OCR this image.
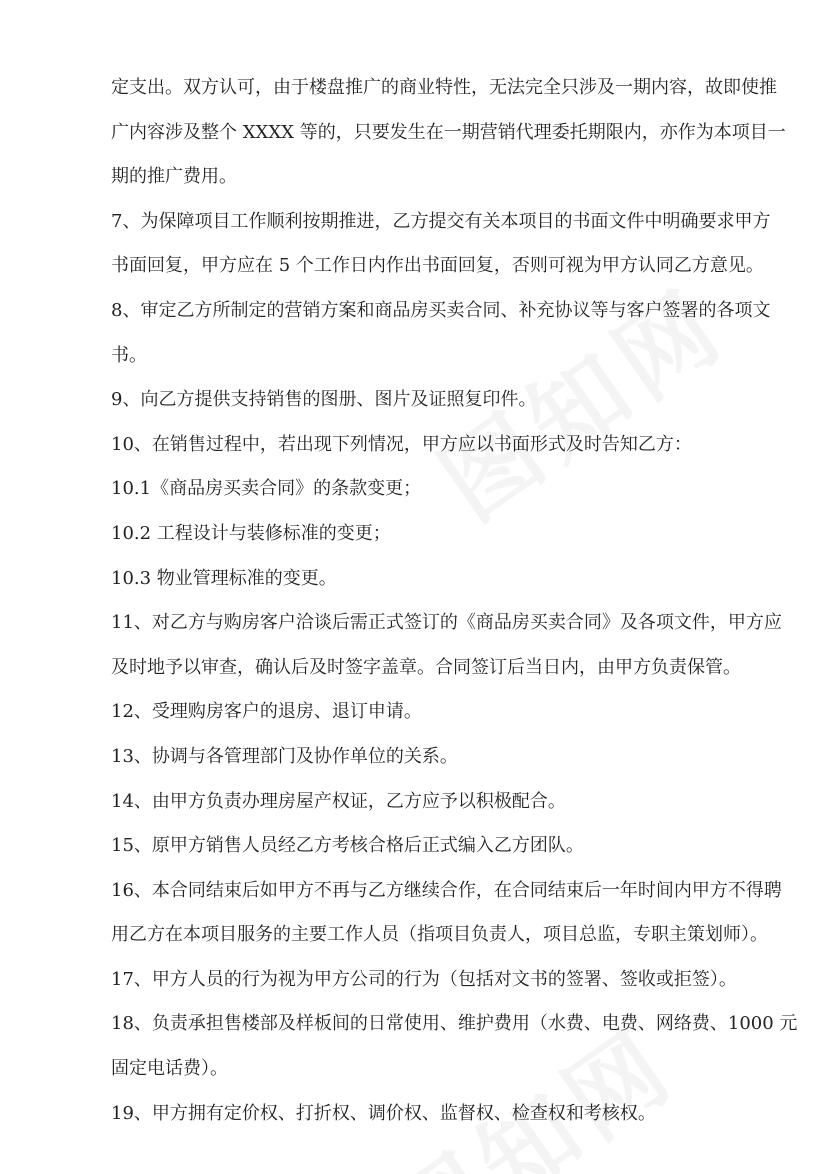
定支出。双方认可，由于楼盘推广的商业特性，无法完全只涉及一期内容，故即使推
广内容涉及整个 XXXX 等的，只要发生在一期营销代理委托期限内，亦作为本项目一
期的推广费用。
7、为保障项目工作顺利按期推进，乙方提交有关本项目的书面文件中明确要求甲方
书面回复，甲方应在 5 个工作日内作出书面回复，否则可视为甲方认同乙方意见。
8、审定乙方所制定的营销方案和商品房买卖合同、补充协议等与客户签署的各项文
书。
9、向乙方提供支持销售的图册、图片及证照复印件。
10、在销售过程中，若出现下列情况，甲方应以书面形式及时告知乙方：
10.1《商品房买卖合同》的条款变更；
10.2 工程设计与装修标准的变更；
10.3 物业管理标准的变更。
11、对乙方与购房客户洽谈后需正式签订的《商品房买卖合同》及各项文件，甲方应
及时地予以审查，确认后及时签字盖章。合同签订后当日内，由甲方负责保管。
12、受理购房客户的退房、退订申请。
13、协调与各管理部门及协作单位的关系。
14、由甲方负责办理房屋产权证，乙方应予以积极配合。
15、原甲方销售人员经乙方考核合格后正式编入乙方团队。
16、本合同结束后如甲方不再与乙方继续合作，在合同结束后一年时间内甲方不得聘
用乙方在本项目服务的主要工作人员（指项目负责人，项目总监，专职主策划师）。
17、甲方人员的行为视为甲方公司的行为（包括对文书的签署、签收或拒签）。
18、负责承担售楼部及样板间的日常使用、维护费用（水费、电费、网络费、1000 元
固定电话费）。
19、甲方拥有定价权、打折权、调价权、监督权、检查权和考核权。
